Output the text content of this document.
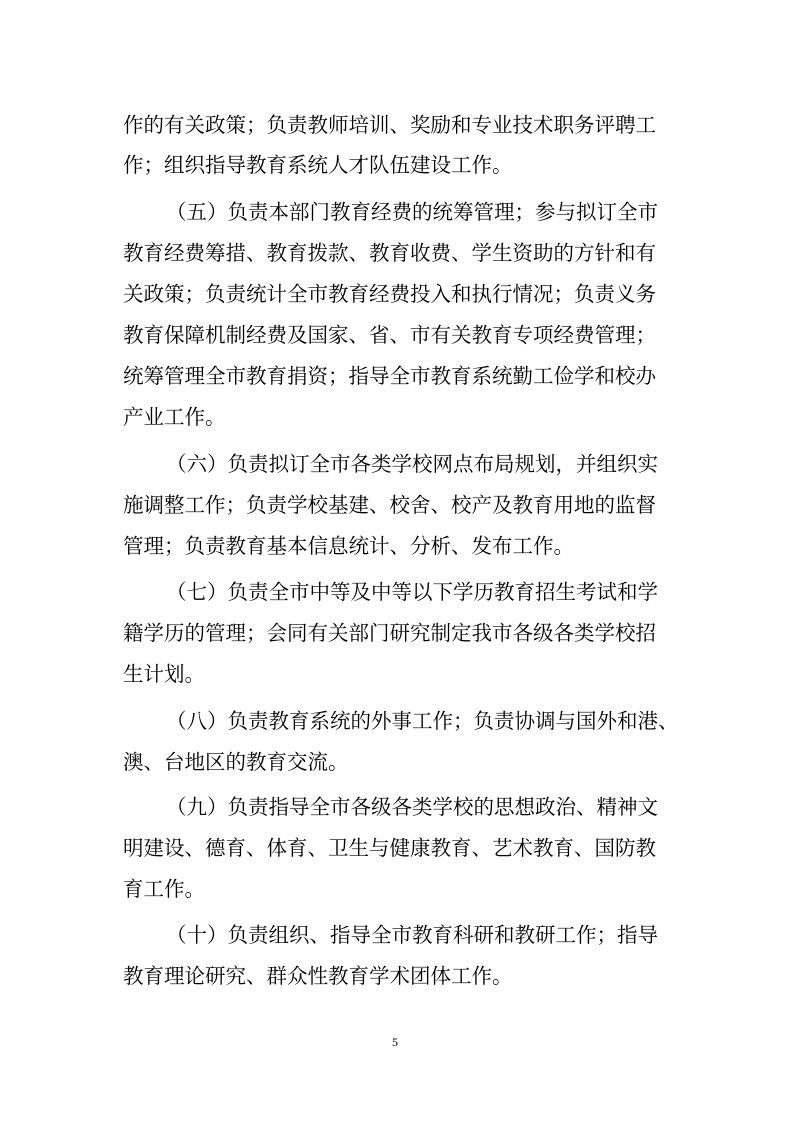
作的有关政策；负责教师培训、奖励和专业技术职务评聘工
作；组织指导教育系统人才队伍建设工作。
（五）负责本部门教育经费的统筹管理；参与拟订全市
教育经费筹措、教育拨款、教育收费、学生资助的方针和有
关政策；负责统计全市教育经费投入和执行情况；负责义务
教育保障机制经费及国家、省、市有关教育专项经费管理；
统筹管理全市教育捐资；指导全市教育系统勤工俭学和校办
产业工作。
（六）负责拟订全市各类学校网点布局规划，并组织实
施调整工作；负责学校基建、校舍、校产及教育用地的监督
管理；负责教育基本信息统计、分析、发布工作。
（七）负责全市中等及中等以下学历教育招生考试和学
籍学历的管理；会同有关部门研究制定我市各级各类学校招
生计划。
（八）负责教育系统的外事工作；负责协调与国外和港、
澳、台地区的教育交流。
（九）负责指导全市各级各类学校的思想政治、精神文
明建设、德育、体育、卫生与健康教育、艺术教育、国防教
育工作。
（十）负责组织、指导全市教育科研和教研工作；指导
教育理论研究、群众性教育学术团体工作。
5
